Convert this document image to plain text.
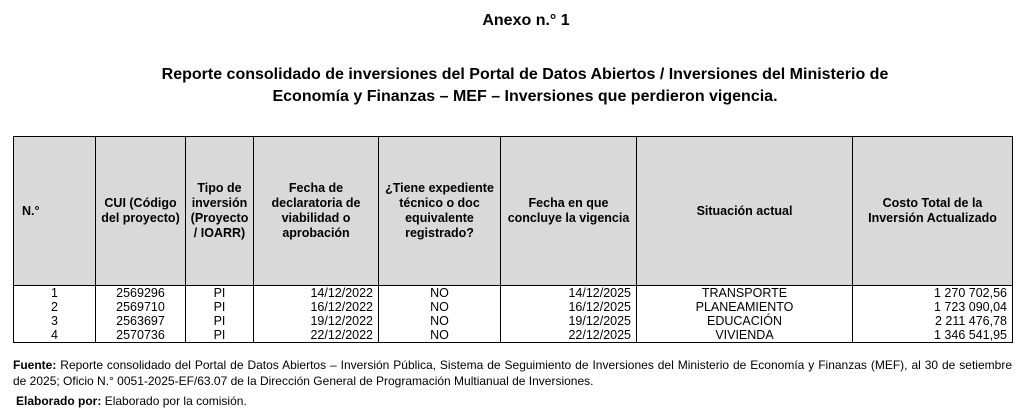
Anexo n.° 1
Reporte consolidado de inversiones del Portal de Datos Abiertos / Inversiones del Ministerio de
Economía y Finanzas – MEF – Inversiones que perdieron vigencia.
N.°	CUI (Código del proyecto)	Tipo de inversión (Proyecto / IOARR)	Fecha de declaratoria de viabilidad o aprobación	¿Tiene expediente técnico o doc equivalente registrado?	Fecha en que concluye la vigencia	Situación actual	Costo Total de la Inversión Actualizado
1	2569296	PI	14/12/2022	NO	14/12/2025	TRANSPORTE	1 270 702,56
2	2569710	PI	16/12/2022	NO	16/12/2025	PLANEAMIENTO	1 723 090,04
3	2563697	PI	19/12/2022	NO	19/12/2025	EDUCACIÓN	2 211 476,78
4	2570736	PI	22/12/2022	NO	22/12/2025	VIVIENDA	1 346 541,95
Fuente: Reporte consolidado del Portal de Datos Abiertos – Inversión Pública, Sistema de Seguimiento de Inversiones del Ministerio de Economía y Finanzas (MEF), al 30 de setiembre de 2025; Oficio N.° 0051-2025-EF/63.07 de la Dirección General de Programación Multianual de Inversiones.
Elaborado por: Elaborado por la comisión.
